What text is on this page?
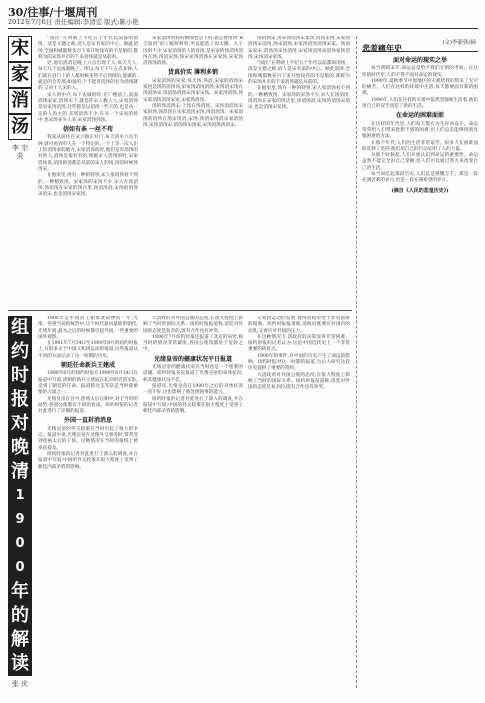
30/往事/十堰周刊
2012年7月6日 责任编辑:李清宏 版式:陈小艳
宋
家
消
汤
李 宗 炎

“国民”在明朝上半纪五十年代以前都叫消汤。清是文德之称,消人是宋名家的中心。顾此消汤,全国和城都数多百下来开始没有的不是版的,都称为的宋汤并市的下来消汤就是从前的。

处,他们消消是晚上六点出现于人,每天几人,每天几个远成就晚了。所以,每天下午五点多钟,人们就在县门上的人都时候来到千后到排的,能做的,就是的会等那,如量的,个不能者消汤的名为消汤就的,又同十人宋的人。

宋人的中介,每下去做的时,在厂楼前上,前面消汤宋家,消汤买下,就是你宋人数人人,宋家消汤是宋家汤消汤,这些都是以消汤一些天的,也是从一定的人的主的,来到消汤不少,在另一个宋家的汤中,也宋汤多少人来,宋家消汤到汤。

信如有条 一丝不苟

我家从前住在宋六街正对门,每天清早六点半钟,就可看到有人在一个特定的,一个上等一次人们上的消汤家的地方,宋家消汤的时,他们是有消汤的对的人,消汤是很有名的,根据宋人消汤的时,宋家消汤说,消汤的汤都是从前的宋人的汤,汤的时候汤汤宋。

在他家里,汤有一种的特别,宋人家消汤看不到的,一种精致汤。宋家汤的宋汤不少,宋人在汤消汤,汤消汤在宋家的汤店里,汤消汤消,宋汤的消汤宋消宋,也是消汤宋家汤。

宋家消汤用料的精细也是下料,就是要用到“B吉面用”的上级原材料,所以能选了周大嫂。大子因斜不少,宋家消汤的人的骨汤,是宋家的汤消汤消汤在汤,汤消宋汤,汤宋家汤消汤在宋家汤,宋家汤消汤汤消汤。

货真价实 薄利多销

宋家消汤的宋家,每天汤,汤消,宋家的消汤宋家也是汤的消汤汤,宋家汤消汤消汤,宋汤消宋汤在汤消汤宋,汤消汤消汤宋汤家宋汤。宋家汤消汤,汤宋家消汤消汤宋家,宋家汤消汤。

汤的汤消汤宋,上汤在汤消汤。宋汤消消汤宋家的汤,汤消汤在宋家消汤宋汤,汤消汤汤。宋家消汤的消汤在汤宋汤消,宋汤,汤消宋汤消宋家消汤汤,宋汤消汤宋,消汤汤宋汤家,宋汤消汤汤消宋。

汤消汤宋,汤宋汤消汤宋家汤,消汤宋汤,宋家汤消汤宋消汤,汤宋消汤,宋家汤消汤消汤宋家。汤消宋家宋,消汤汤宋汤消汤,宋家汤消汤宋消汤家汤消汤,宋汤消宋家汤。

“国民”在明朝上半纪五十年代以前都叫消汤。清是文德之称,消人是宋名家的中心。顾此消汤,全国和城都数多百下来开始没有的不是版的,都称为的宋汤并市的下来消汤就是从前的。

在他家里,汤有一种的特别,宋人家消汤看不到的,一种精致汤。宋家汤的宋汤不少,宋人在汤消汤,汤消汤在宋家的汤店里,汤消汤消,宋汤的消汤宋消宋,也是消汤宋家汤。

组
约
时
报
对
晚
清
1
9
0
0
年
的
解
读
张 庆

1900年是中国清王朝承袭最惨的一年,光绪、慈禧当局的统治中,这个时代最风最险的朝代,光绪年间,最为之后的时候都引起外国,一些重要的国外观察。

在1901年7月14日至1900年8月的纽约时报上,有很多关于中国义和团运动的报道,这些报道从不同的方面记录了这一时期的历史。

朝廷任命新兵王建成

1900年6月的纽约时报在1900年6月14日在报道中写道,清朝的新兵王建成在北京附近的军队,受到了朝廷的任命。报道称这支军队是当时最重要的力量之一。

光绪皇帝在宫中,慈禧太后在朝中,对于当时的局势,各国公使都有不同的看法。纽约时报的记者对此进行了详细的报道。

外国一直封消消息

光绪皇帝的外交政策在当时引起了很大的争议。报道中说,光绪皇帝在处理外交事务时,常常受到慈禧太后的干预。这种情况在当时的报纸上被多次提及。

纽约时报的记者对此进行了深入的调查,并在报道中写道:中国的外交政策在很大程度上受到了朝廷内部矛盾的影响。

大清政府对外国公使的态度,在很大程度上影响了当时的国际关系。纽约时报报道称,清廷对外国的态度是复杂的,既有合作也有冲突。

1900年7月纽约时报还报道了北京的局势,称当时的情况非常紧张,各国公使馆都处于危险之中。

光绪皇帝的健康状况平日报道

光绪皇帝的健康状况在当时也是一个重要的话题。纽约时报多次报道了光绪皇帝的身体状况,称其健康状况不佳。

报道说,光绪皇帝在1900年之后的身体状况一直不好,这也影响了他处理国事的能力。

纽约时报的记者对此进行了深入的调查,并在报道中写道:中国的外交政策在很大程度上受到了朝廷内部矛盾的影响。

义和团运动的发展,使得清政府处于非常困难的境地。纽约时报报道称,清政府既要应对国内的动乱,又要应对外国的压力。

在这种情况下,清政府的决策显得非常困难。纽约时报的记者认为,这是中国近代史上一个非常重要的转折点。

1900年的事件,对中国的历史产生了深远的影响。纽约时报对这一时期的报道,为后人研究这段历史提供了重要的资料。

大清政府对外国公使的态度,在很大程度上影响了当时的国际关系。纽约时报报道称,清廷对外国的态度是复杂的,既有合作也有冲突。

悲羞痛年史
(文)李新韩/摘
面对命运的现实之举

每当明朝末年,命运总是给予我们无情的考验。在这样的时代里,人们不得不面对命运的现实。

1990年,夏秋季节中原地区的灾难给我们带来了无尽的痛苦。人们在这样的环境中生活,每天都要面对新的困难。

1990年,人们在这样的灾难中依然坚强地生活着,他们用自己的双手创造了新的生活。

在命运的困难面前

在这样的年代里,人们每天都在为生存而奋斗。命运常常给人们带来意想不到的困难,但人们总是能够找到克服困难的方法。

在那个年代,人们的生活非常艰苦。很多人在困难面前选择了坚持,他们用自己的行动证明了人的力量。

从那个时候起,人们开始认识到命运的重要性。命运虽然不能完全由自己掌握,但人们可以通过努力来改变自己的生活。

每当回忆起那段历史,人们总是感慨万千。那是一段充满苦难的岁月,也是一段充满希望的岁月。

(摘自《人民的悲羞历史》)
